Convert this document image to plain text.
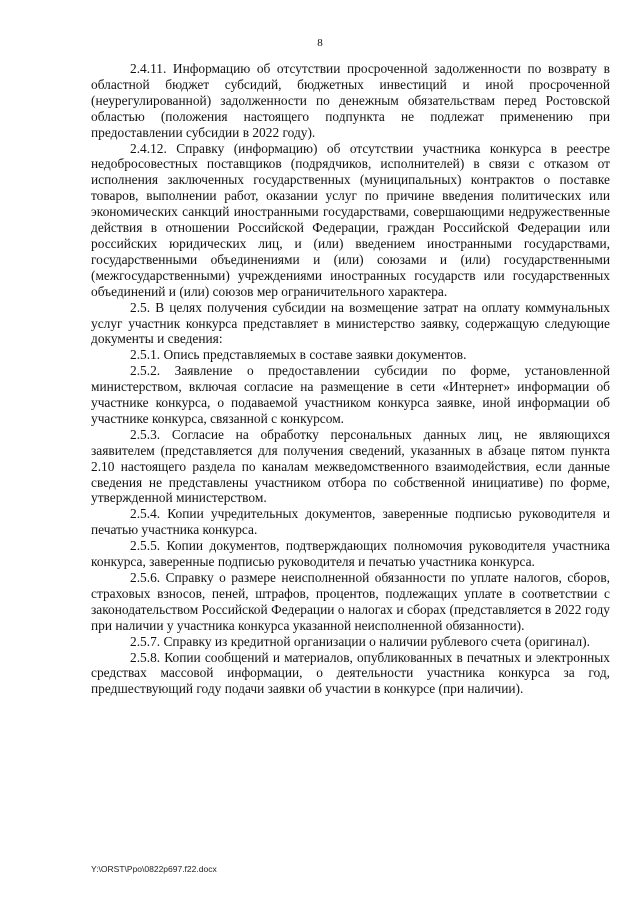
8

2.4.11. Информацию об отсутствии просроченной задолженности по возврату в областной бюджет субсидий, бюджетных инвестиций и иной просроченной (неурегулированной) задолженности по денежным обязательствам перед Ростовской областью (положения настоящего подпункта не подлежат применению при предоставлении субсидии в 2022 году).

2.4.12. Справку (информацию) об отсутствии участника конкурса в реестре недобросовестных поставщиков (подрядчиков, исполнителей) в связи с отказом от исполнения заключенных государственных (муниципальных) контрактов о поставке товаров, выполнении работ, оказании услуг по причине введения политических или экономических санкций иностранными государствами, совершающими недружественные действия в отношении Российской Федерации, граждан Российской Федерации или российских юридических лиц, и (или) введением иностранными государствами, государственными объединениями и (или) союзами и (или) государственными (межгосударственными) учреждениями иностранных государств или государственных объединений и (или) союзов мер ограничительного характера.

2.5. В целях получения субсидии на возмещение затрат на оплату коммунальных услуг участник конкурса представляет в министерство заявку, содержащую следующие документы и сведения:

2.5.1. Опись представляемых в составе заявки документов.

2.5.2. Заявление о предоставлении субсидии по форме, установленной министерством, включая согласие на размещение в сети «Интернет» информации об участнике конкурса, о подаваемой участником конкурса заявке, иной информации об участнике конкурса, связанной с конкурсом.

2.5.3. Согласие на обработку персональных данных лиц, не являющихся заявителем (представляется для получения сведений, указанных в абзаце пятом пункта 2.10 настоящего раздела по каналам межведомственного взаимодействия, если данные сведения не представлены участником отбора по собственной инициативе) по форме, утвержденной министерством.

2.5.4. Копии учредительных документов, заверенные подписью руководителя и печатью участника конкурса.

2.5.5. Копии документов, подтверждающих полномочия руководителя участника конкурса, заверенные подписью руководителя и печатью участника конкурса.

2.5.6. Справку о размере неисполненной обязанности по уплате налогов, сборов, страховых взносов, пеней, штрафов, процентов, подлежащих уплате в соответствии с законодательством Российской Федерации о налогах и сборах (представляется в 2022 году при наличии у участника конкурса указанной неисполненной обязанности).

2.5.7. Справку из кредитной организации о наличии рублевого счета (оригинал).

2.5.8. Копии сообщений и материалов, опубликованных в печатных и электронных средствах массовой информации, о деятельности участника конкурса за год, предшествующий году подачи заявки об участии в конкурсе (при наличии).

Y:\ORST\Ppo\0822p697.f22.docx
